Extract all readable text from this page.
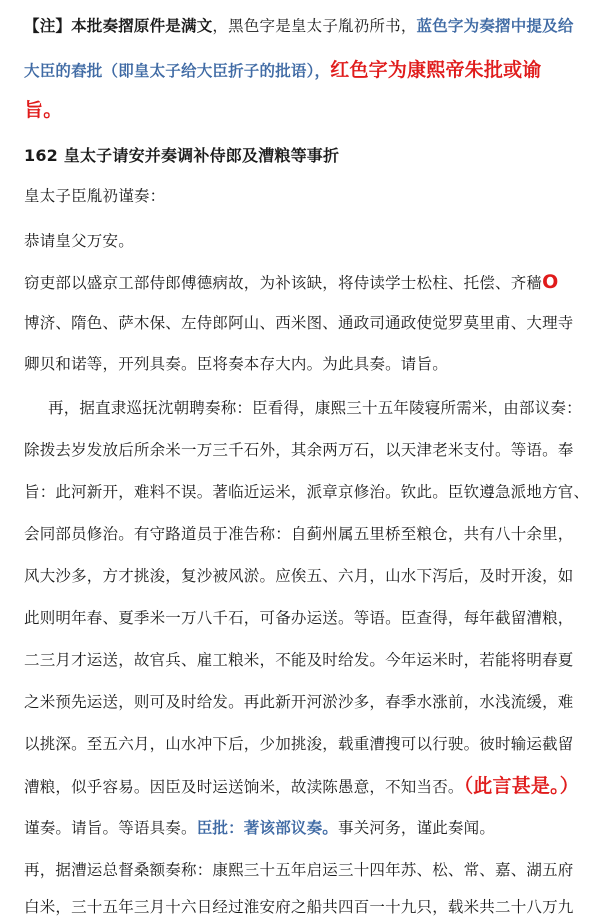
【注】本批奏摺原件是满文，黑色字是皇太子胤礽所书，蓝色字为奏摺中提及给
大臣的舂批（即皇太子给大臣折子的批语），红色字为康熙帝朱批或谕
旨。
162 皇太子请安并奏调补侍郎及漕粮等事折
皇太子臣胤礽谨奏：
恭请皇父万安。
窃吏部以盛京工部侍郎傅德病故，为补该缺，将侍读学士松柱、托偿、齐穑O
博济、隋色、萨木保、左侍郎阿山、西米图、通政司通政使觉罗莫里甫、大理寺
卿贝和诺等，开列具奏。臣将奏本存大内。为此具奏。请旨。
再，据直隶巡抚沈朝聘奏称：臣看得，康熙三十五年陵寝所需米，由部议奏：
除拨去岁发放后所余米一万三千石外，其余两万石，以天津老米支付。等语。奉
旨：此河新开，难料不误。著临近运米，派章京修治。钦此。臣钦遵急派地方官、
会同部员修治。有守路道员于准告称：自蓟州属五里桥至粮仓，共有八十余里，
风大沙多，方才挑浚，复沙被风淤。应俟五、六月，山水下泻后，及时开浚，如
此则明年春、夏季米一万八千石，可备办运送。等语。臣查得，每年截留漕粮，
二三月才运送，故官兵、雇工粮米，不能及时给发。今年运米时，若能将明春夏
之米预先运送，则可及时给发。再此新开河淤沙多，春季水涨前，水浅流缓，难
以挑深。至五六月，山水冲下后，少加挑浚，载重漕搜可以行驶。彼时输运截留
漕粮，似乎容易。因臣及时运送饷米，故渎陈愚意，不知当否。（此言甚是。）
谨奏。请旨。等语具奏。臣批：著该部议奏。事关河务，谨此奏闻。
再，据漕运总督桑额奏称：康熙三十五年启运三十四年苏、松、常、嘉、湖五府
白米，三十五年三月十六日经过淮安府之船共四百一十九只，载米共二十八万九
